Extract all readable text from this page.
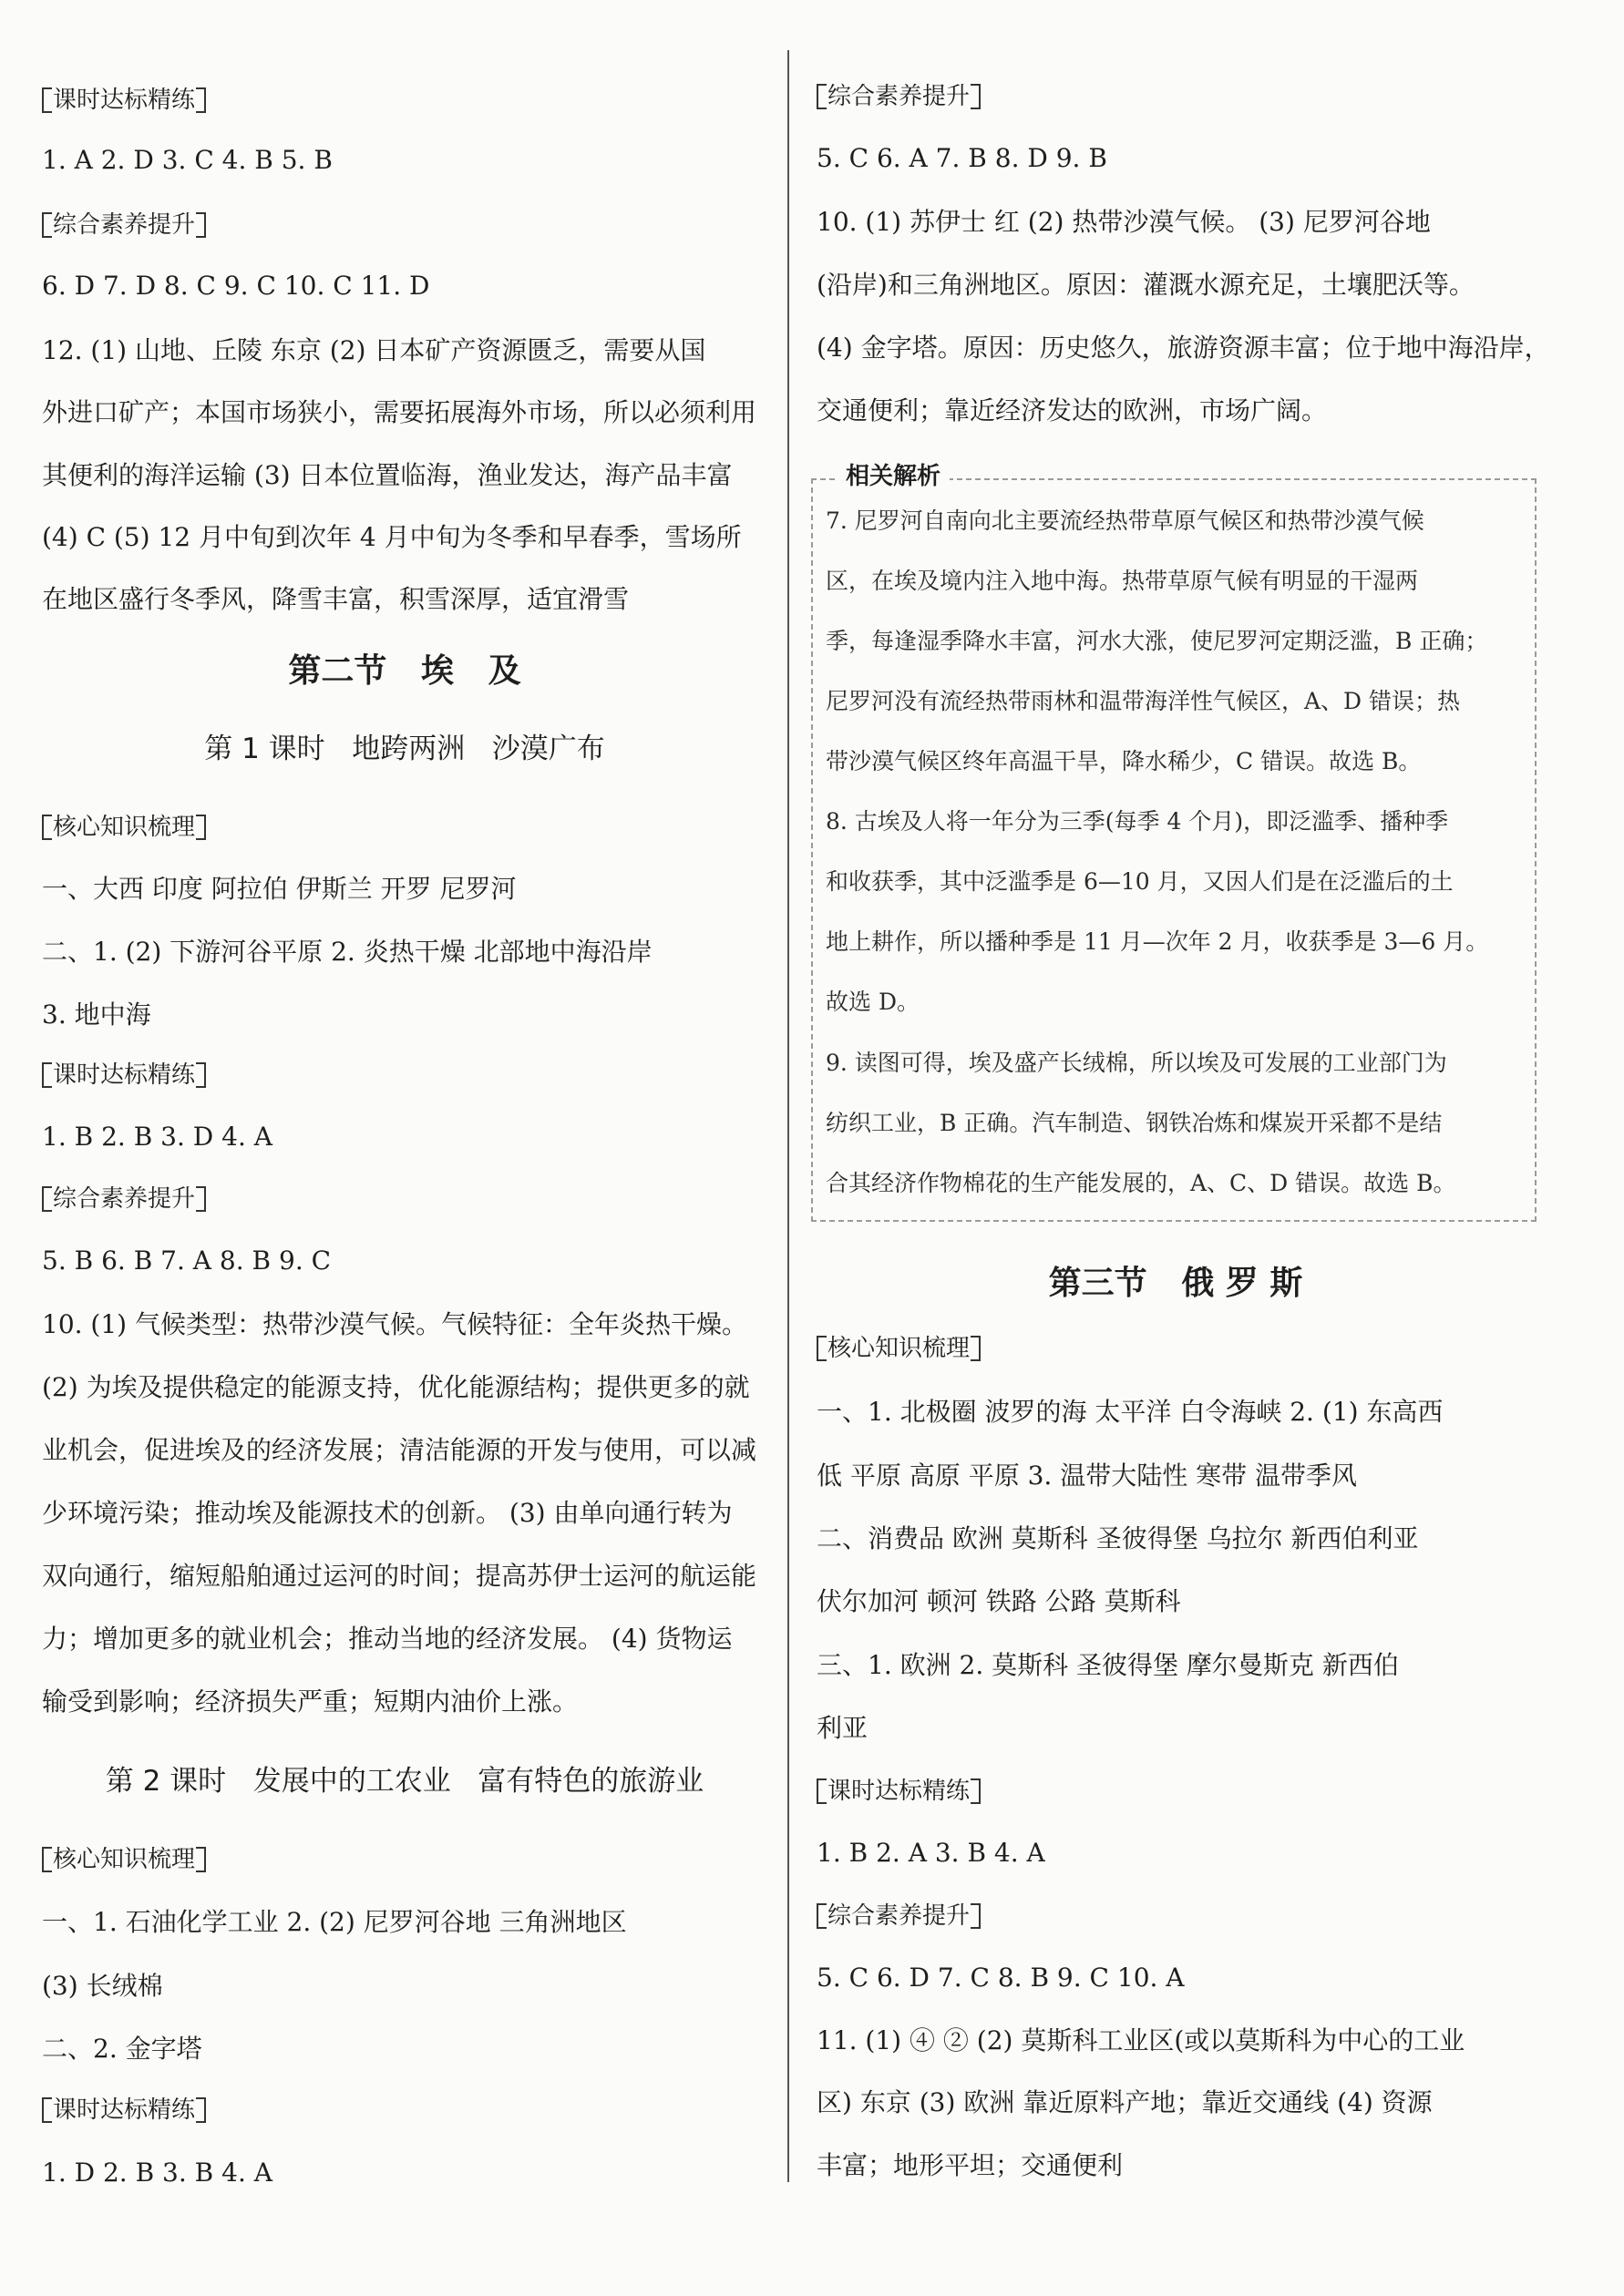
课时达标精练
1. A 2. D 3. C 4. B 5. B
综合素养提升
6. D 7. D 8. C 9. C 10. C 11. D
12. (1) 山地、丘陵 东京 (2) 日本矿产资源匮乏，需要从国
外进口矿产；本国市场狭小，需要拓展海外市场，所以必须利用
其便利的海洋运输 (3) 日本位置临海，渔业发达，海产品丰富
(4) C (5) 12 月中旬到次年 4 月中旬为冬季和早春季，雪场所
在地区盛行冬季风，降雪丰富，积雪深厚，适宜滑雪
第二节   埃   及
第 1 课时   地跨两洲   沙漠广布
核心知识梳理
一、大西 印度 阿拉伯 伊斯兰 开罗 尼罗河
二、1. (2) 下游河谷平原 2. 炎热干燥 北部地中海沿岸
3. 地中海
课时达标精练
1. B 2. B 3. D 4. A
综合素养提升
5. B 6. B 7. A 8. B 9. C
10. (1) 气候类型：热带沙漠气候。气候特征：全年炎热干燥。
(2) 为埃及提供稳定的能源支持，优化能源结构；提供更多的就
业机会，促进埃及的经济发展；清洁能源的开发与使用，可以减
少环境污染；推动埃及能源技术的创新。 (3) 由单向通行转为
双向通行，缩短船舶通过运河的时间；提高苏伊士运河的航运能
力；增加更多的就业机会；推动当地的经济发展。 (4) 货物运
输受到影响；经济损失严重；短期内油价上涨。
第 2 课时   发展中的工农业   富有特色的旅游业
核心知识梳理
一、1. 石油化学工业 2. (2) 尼罗河谷地 三角洲地区
(3) 长绒棉
二、2. 金字塔
课时达标精练
1. D 2. B 3. B 4. A
综合素养提升
5. C 6. A 7. B 8. D 9. B
10. (1) 苏伊士 红 (2) 热带沙漠气候。 (3) 尼罗河谷地
(沿岸)和三角洲地区。原因：灌溉水源充足，土壤肥沃等。
(4) 金字塔。原因：历史悠久，旅游资源丰富；位于地中海沿岸，
交通便利；靠近经济发达的欧洲，市场广阔。
相关解析
7. 尼罗河自南向北主要流经热带草原气候区和热带沙漠气候
区，在埃及境内注入地中海。热带草原气候有明显的干湿两
季，每逢湿季降水丰富，河水大涨，使尼罗河定期泛滥，B 正确；
尼罗河没有流经热带雨林和温带海洋性气候区，A、D 错误；热
带沙漠气候区终年高温干旱，降水稀少，C 错误。故选 B。
8. 古埃及人将一年分为三季(每季 4 个月)，即泛滥季、播种季
和收获季，其中泛滥季是 6—10 月，又因人们是在泛滥后的土
地上耕作，所以播种季是 11 月—次年 2 月，收获季是 3—6 月。
故选 D。
9. 读图可得，埃及盛产长绒棉，所以埃及可发展的工业部门为
纺织工业，B 正确。汽车制造、钢铁冶炼和煤炭开采都不是结
合其经济作物棉花的生产能发展的，A、C、D 错误。故选 B。
第三节   俄 罗 斯
核心知识梳理
一、1. 北极圈 波罗的海 太平洋 白令海峡 2. (1) 东高西
低 平原 高原 平原 3. 温带大陆性 寒带 温带季风
二、消费品 欧洲 莫斯科 圣彼得堡 乌拉尔 新西伯利亚
伏尔加河 顿河 铁路 公路 莫斯科
三、1. 欧洲 2. 莫斯科 圣彼得堡 摩尔曼斯克 新西伯
利亚
课时达标精练
1. B 2. A 3. B 4. A
综合素养提升
5. C 6. D 7. C 8. B 9. C 10. A
11. (1) ④ ② (2) 莫斯科工业区(或以莫斯科为中心的工业
区) 东京 (3) 欧洲 靠近原料产地；靠近交通线 (4) 资源
丰富；地形平坦；交通便利
